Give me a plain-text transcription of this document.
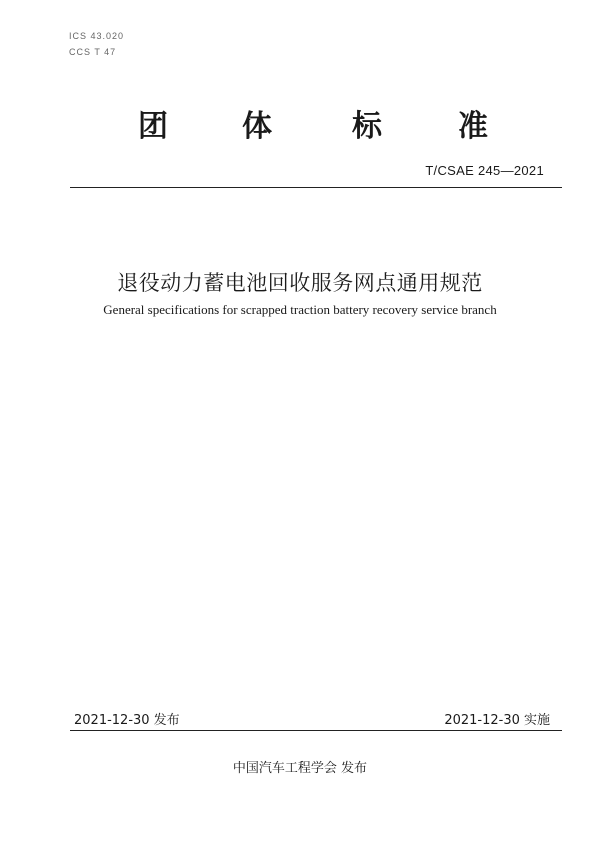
ICS 43.020
CCS T 47
团 体	标	准
T/CSAE 245—2021
退役动力蓄电池回收服务网点通用规范
General specifications for scrapped traction battery recovery service branch
2021-12-30 发布	2021-12-30 实施
中国汽车工程学会 发布
